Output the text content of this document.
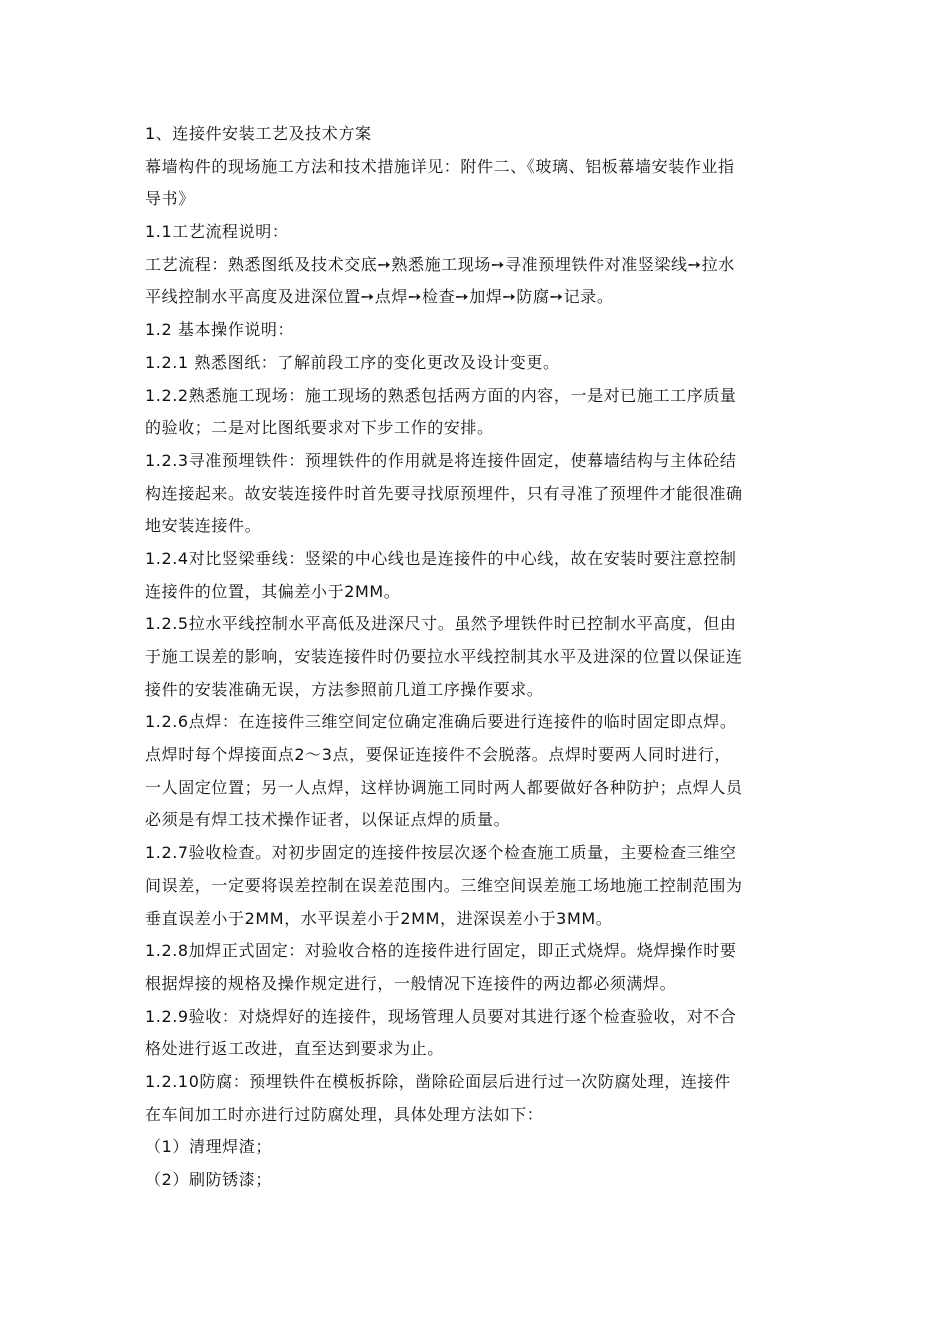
1、连接件安装工艺及技术方案
幕墙构件的现场施工方法和技术措施详见：附件二、《玻璃、铝板幕墙安装作业指
导书》
1.1工艺流程说明：
工艺流程：熟悉图纸及技术交底➙熟悉施工现场➙寻准预埋铁件对准竖梁线➙拉水
平线控制水平高度及进深位置➙点焊➙检查➙加焊➙防腐➙记录。
1.2 基本操作说明：
1.2.1 熟悉图纸：了解前段工序的变化更改及设计变更。
1.2.2熟悉施工现场：施工现场的熟悉包括两方面的内容，一是对已施工工序质量
的验收；二是对比图纸要求对下步工作的安排。
1.2.3寻准预埋铁件：预埋铁件的作用就是将连接件固定，使幕墙结构与主体砼结
构连接起来。故安装连接件时首先要寻找原预埋件，只有寻准了预埋件才能很准确
地安装连接件。
1.2.4对比竖梁垂线：竖梁的中心线也是连接件的中心线，故在安装时要注意控制
连接件的位置，其偏差小于2MM。
1.2.5拉水平线控制水平高低及进深尺寸。虽然予埋铁件时已控制水平高度，但由
于施工误差的影响，安装连接件时仍要拉水平线控制其水平及进深的位置以保证连
接件的安装准确无误，方法参照前几道工序操作要求。
1.2.6点焊：在连接件三维空间定位确定准确后要进行连接件的临时固定即点焊。
点焊时每个焊接面点2～3点，要保证连接件不会脱落。点焊时要两人同时进行，
一人固定位置；另一人点焊，这样协调施工同时两人都要做好各种防护；点焊人员
必须是有焊工技术操作证者，以保证点焊的质量。
1.2.7验收检查。对初步固定的连接件按层次逐个检查施工质量，主要检查三维空
间误差，一定要将误差控制在误差范围内。三维空间误差施工场地施工控制范围为
垂直误差小于2MM，水平误差小于2MM，进深误差小于3MM。
1.2.8加焊正式固定：对验收合格的连接件进行固定，即正式烧焊。烧焊操作时要
根据焊接的规格及操作规定进行，一般情况下连接件的两边都必须满焊。
1.2.9验收：对烧焊好的连接件，现场管理人员要对其进行逐个检查验收，对不合
格处进行返工改进，直至达到要求为止。
1.2.10防腐：预埋铁件在模板拆除，凿除砼面层后进行过一次防腐处理，连接件
在车间加工时亦进行过防腐处理，具体处理方法如下：
（1）清理焊渣；
（2）刷防锈漆；
